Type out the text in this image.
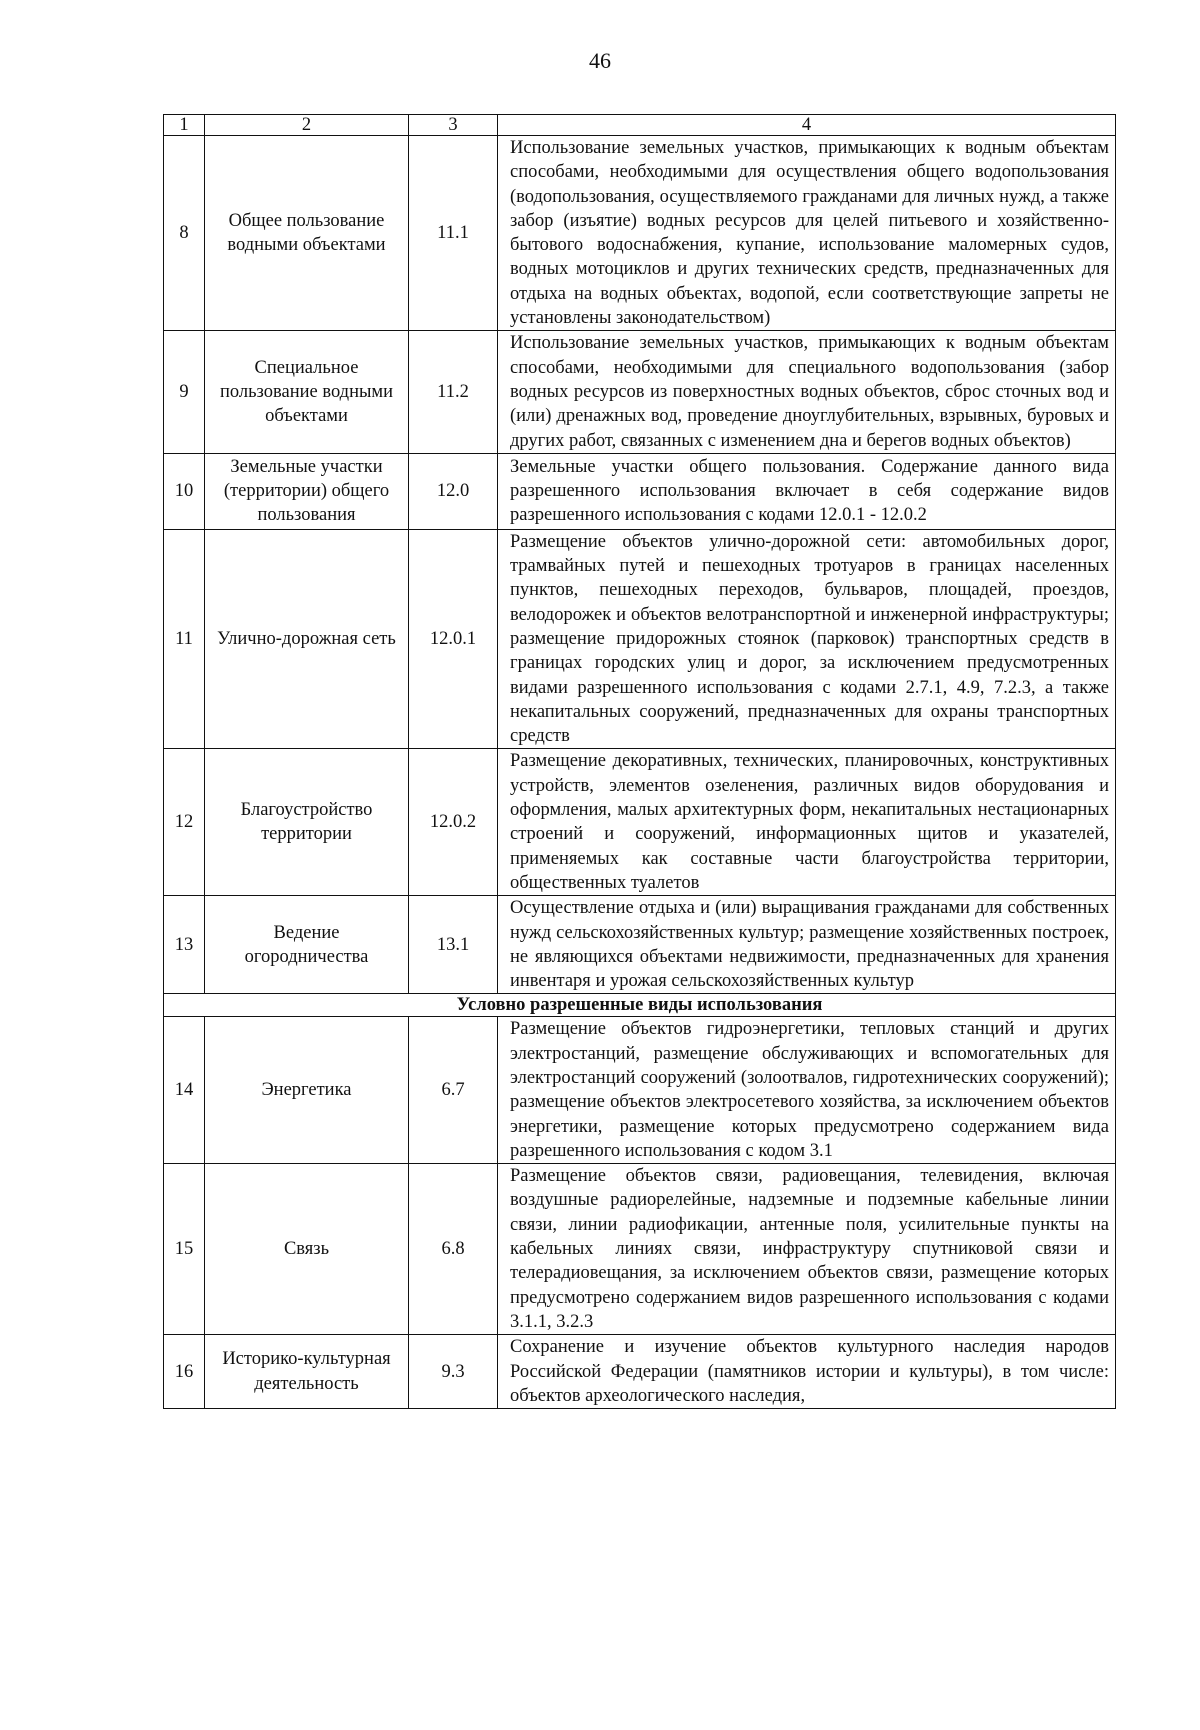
46
1	2	3	4
8	Общее пользование водными объектами	11.1	Использование земельных участков, примыкающих к водным объектам способами, необходимыми для осуществления общего водопользования (водопользования, осуществляемого гражданами для личных нужд, а также забор (изъятие) водных ресурсов для целей питьевого и хозяйственно-бытового водоснабжения, купание, использование маломерных судов, водных мотоциклов и других технических средств, предназначенных для отдыха на водных объектах, водопой, если соответствующие запреты не установлены законодательством)
9	Специальное пользование водными объектами	11.2	Использование земельных участков, примыкающих к водным объектам способами, необходимыми для специального водопользования (забор водных ресурсов из поверхностных водных объектов, сброс сточных вод и (или) дренажных вод, проведение дноуглубительных, взрывных, буровых и других работ, связанных с изменением дна и берегов водных объектов)
10	Земельные участки (территории) общего пользования	12.0	Земельные участки общего пользования. Содержание данного вида разрешенного использования включает в себя содержание видов разрешенного использования с кодами 12.0.1 - 12.0.2
11	Улично-дорожная сеть	12.0.1	Размещение объектов улично-дорожной сети: автомобильных дорог, трамвайных путей и пешеходных тротуаров в границах населенных пунктов, пешеходных переходов, бульваров, площадей, проездов, велодорожек и объектов велотранспортной и инженерной инфраструктуры; размещение придорожных стоянок (парковок) транспортных средств в границах городских улиц и дорог, за исключением предусмотренных видами разрешенного использования с кодами 2.7.1, 4.9, 7.2.3, а также некапитальных сооружений, предназначенных для охраны транспортных средств
12	Благоустройство территории	12.0.2	Размещение декоративных, технических, планировочных, конструктивных устройств, элементов озеленения, различных видов оборудования и оформления, малых архитектурных форм, некапитальных нестационарных строений и сооружений, информационных щитов и указателей, применяемых как составные части благоустройства территории, общественных туалетов
13	Ведение огородничества	13.1	Осуществление отдыха и (или) выращивания гражданами для собственных нужд сельскохозяйственных культур; размещение хозяйственных построек, не являющихся объектами недвижимости, предназначенных для хранения инвентаря и урожая сельскохозяйственных культур
Условно разрешенные виды использования			
14	Энергетика	6.7	Размещение объектов гидроэнергетики, тепловых станций и других электростанций, размещение обслуживающих и вспомогательных для электростанций сооружений (золоотвалов, гидротехнических сооружений); размещение объектов электросетевого хозяйства, за исключением объектов энергетики, размещение которых предусмотрено содержанием вида разрешенного использования с кодом 3.1
15	Связь	6.8	Размещение объектов связи, радиовещания, телевидения, включая воздушные радиорелейные, надземные и подземные кабельные линии связи, линии радиофикации, антенные поля, усилительные пункты на кабельных линиях связи, инфраструктуру спутниковой связи и телерадиовещания, за исключением объектов связи, размещение которых предусмотрено содержанием видов разрешенного использования с кодами 3.1.1, 3.2.3
16	Историко-культурная деятельность	9.3	Сохранение и изучение объектов культурного наследия народов Российской Федерации (памятников истории и культуры), в том числе: объектов археологического наследия,
